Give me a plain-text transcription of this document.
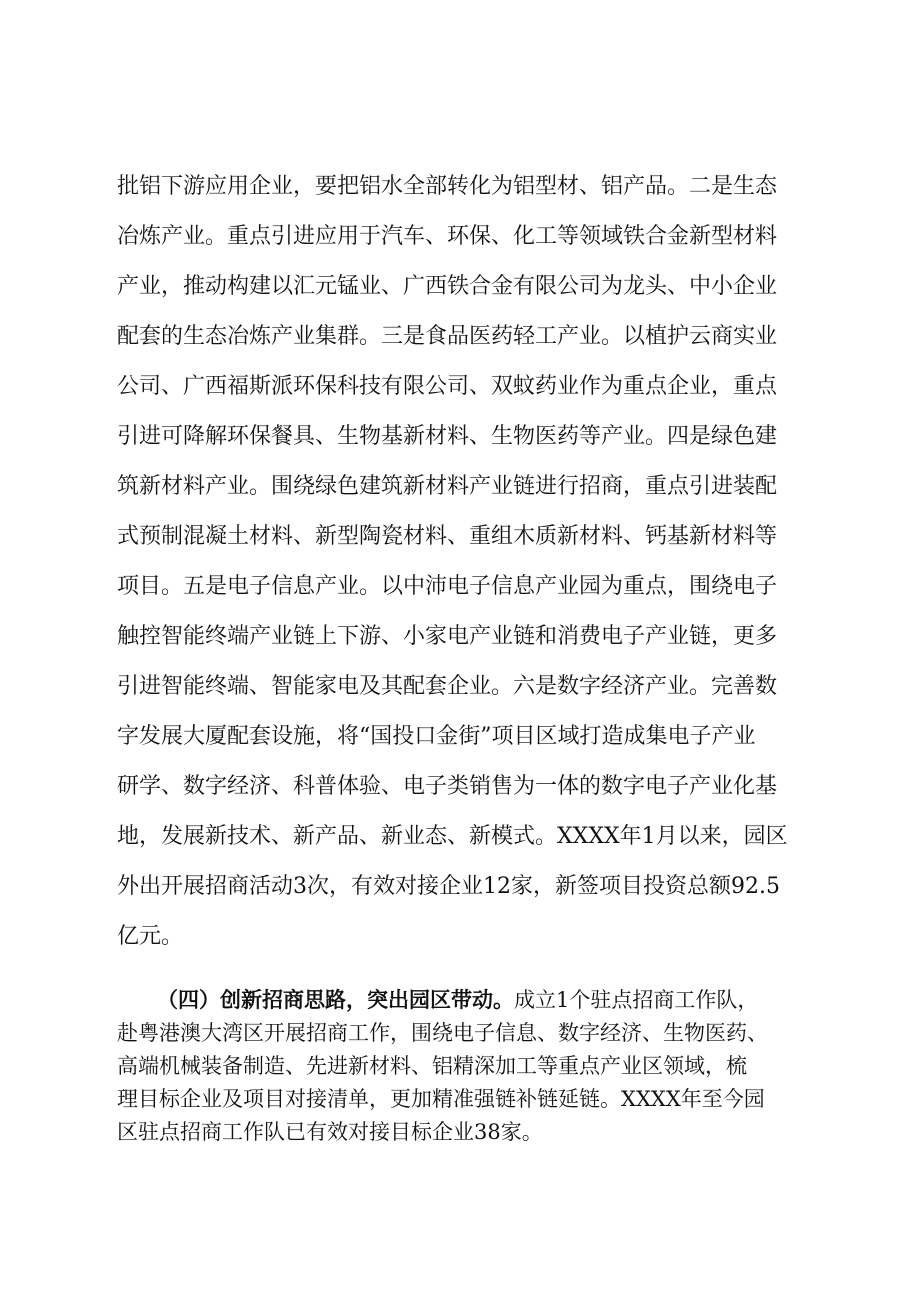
批铝下游应用企业，要把铝水全部转化为铝型材、铝产品。二是生态
冶炼产业。重点引进应用于汽车、环保、化工等领域铁合金新型材料
产业，推动构建以汇元锰业、广西铁合金有限公司为龙头、中小企业
配套的生态冶炼产业集群。三是食品医药轻工产业。以植护云商实业
公司、广西福斯派环保科技有限公司、双蚊药业作为重点企业，重点
引进可降解环保餐具、生物基新材料、生物医药等产业。四是绿色建
筑新材料产业。围绕绿色建筑新材料产业链进行招商，重点引进装配
式预制混凝土材料、新型陶瓷材料、重组木质新材料、钙基新材料等
项目。五是电子信息产业。以中沛电子信息产业园为重点，围绕电子
触控智能终端产业链上下游、小家电产业链和消费电子产业链，更多
引进智能终端、智能家电及其配套企业。六是数字经济产业。完善数
字发展大厦配套设施，将“国投口金街”项目区域打造成集电子产业
研学、数字经济、科普体验、电子类销售为一体的数字电子产业化基
地，发展新技术、新产品、新业态、新模式。XXXX年1月以来，园区
外出开展招商活动3次，有效对接企业12家，新签项目投资总额92.5
亿元。
（四）创新招商思路，突出园区带动。成立1个驻点招商工作队，
赴粤港澳大湾区开展招商工作，围绕电子信息、数字经济、生物医药、
高端机械装备制造、先进新材料、铝精深加工等重点产业区领域，梳
理目标企业及项目对接清单，更加精准强链补链延链。XXXX年至今园
区驻点招商工作队已有效对接目标企业38家。
